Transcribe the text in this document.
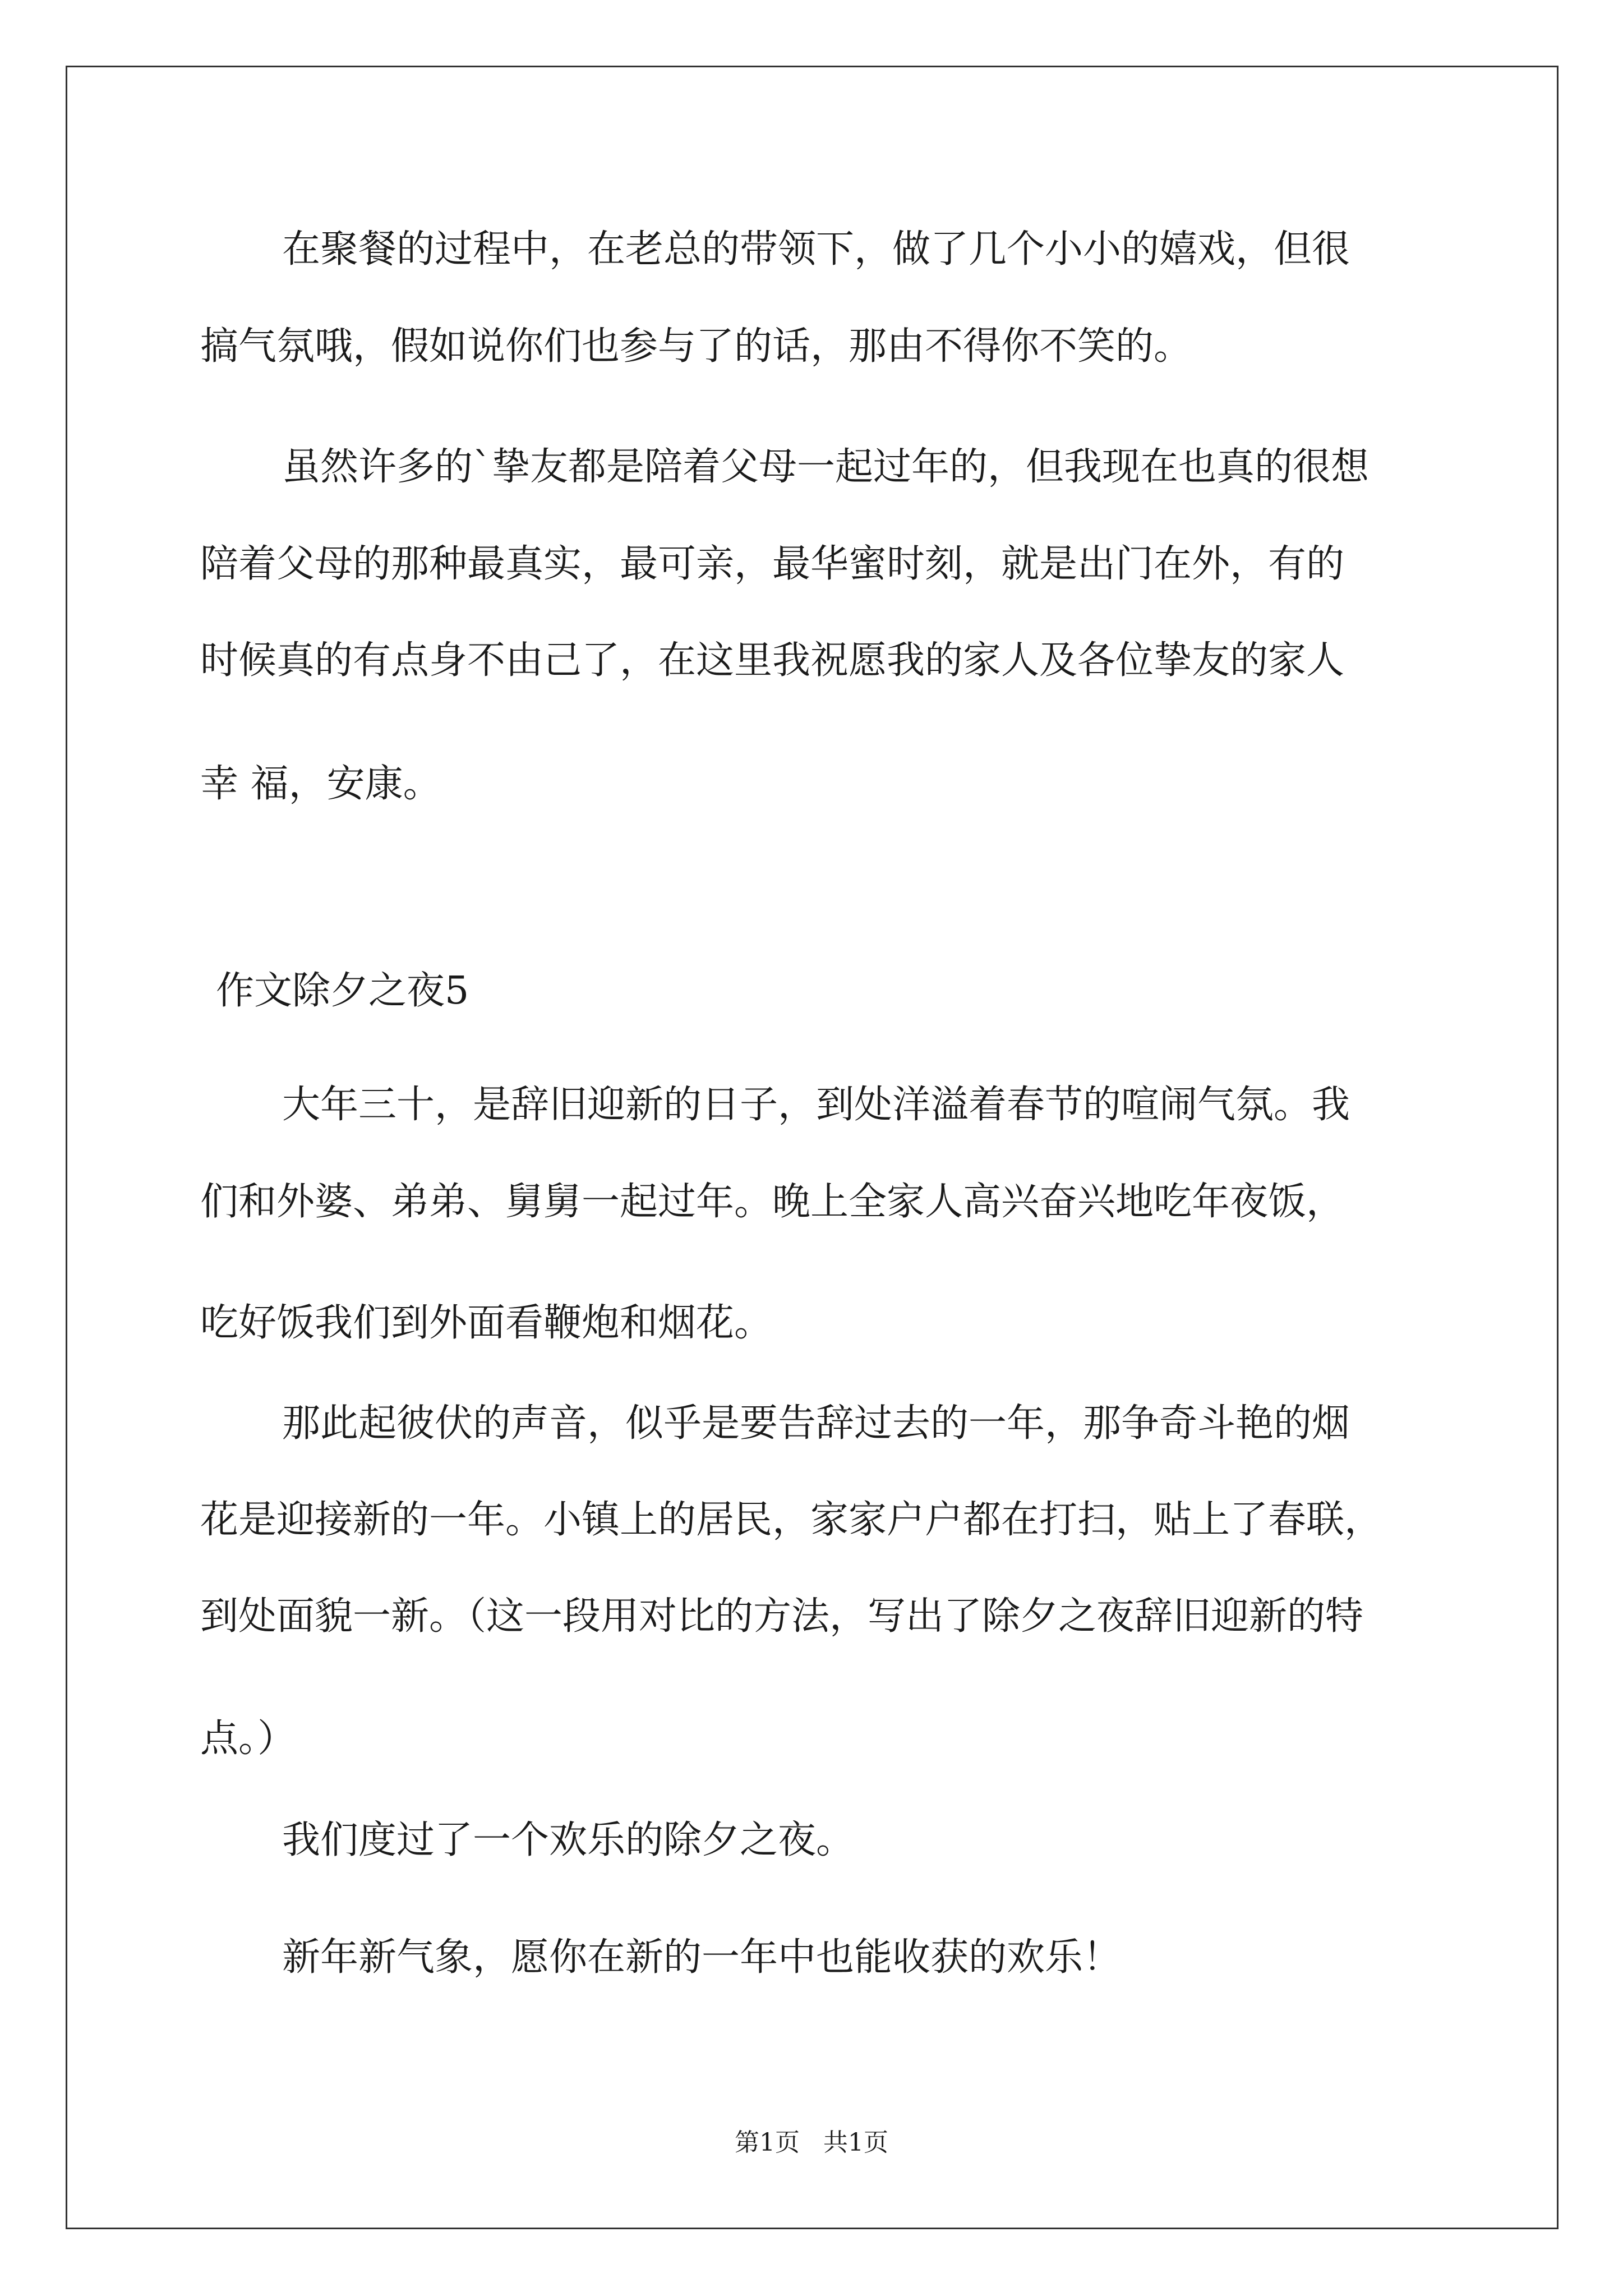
在聚餐的过程中，在老总的带领下，做了几个小小的嬉戏，但很
搞气氛哦，假如说你们也参与了的话，那由不得你不笑的。
虽然许多的`挚友都是陪着父母一起过年的，但我现在也真的很想
陪着父母的那种最真实，最可亲，最华蜜时刻，就是出门在外，有的
时候真的有点身不由己了，在这里我祝愿我的家人及各位挚友的家人
幸 福，安康。
作文除夕之夜5
大年三十，是辞旧迎新的日子，到处洋溢着春节的喧闹气氛。我
们和外婆、弟弟、舅舅一起过年。晚上全家人高兴奋兴地吃年夜饭，
吃好饭我们到外面看鞭炮和烟花。
那此起彼伏的声音，似乎是要告辞过去的一年，那争奇斗艳的烟
花是迎接新的一年。小镇上的居民，家家户户都在打扫，贴上了春联，
到处面貌一新。（这一段用对比的方法，写出了除夕之夜辞旧迎新的特
点。）
我们度过了一个欢乐的除夕之夜。
新年新气象，愿你在新的一年中也能收获的欢乐！
第1页   共1页
